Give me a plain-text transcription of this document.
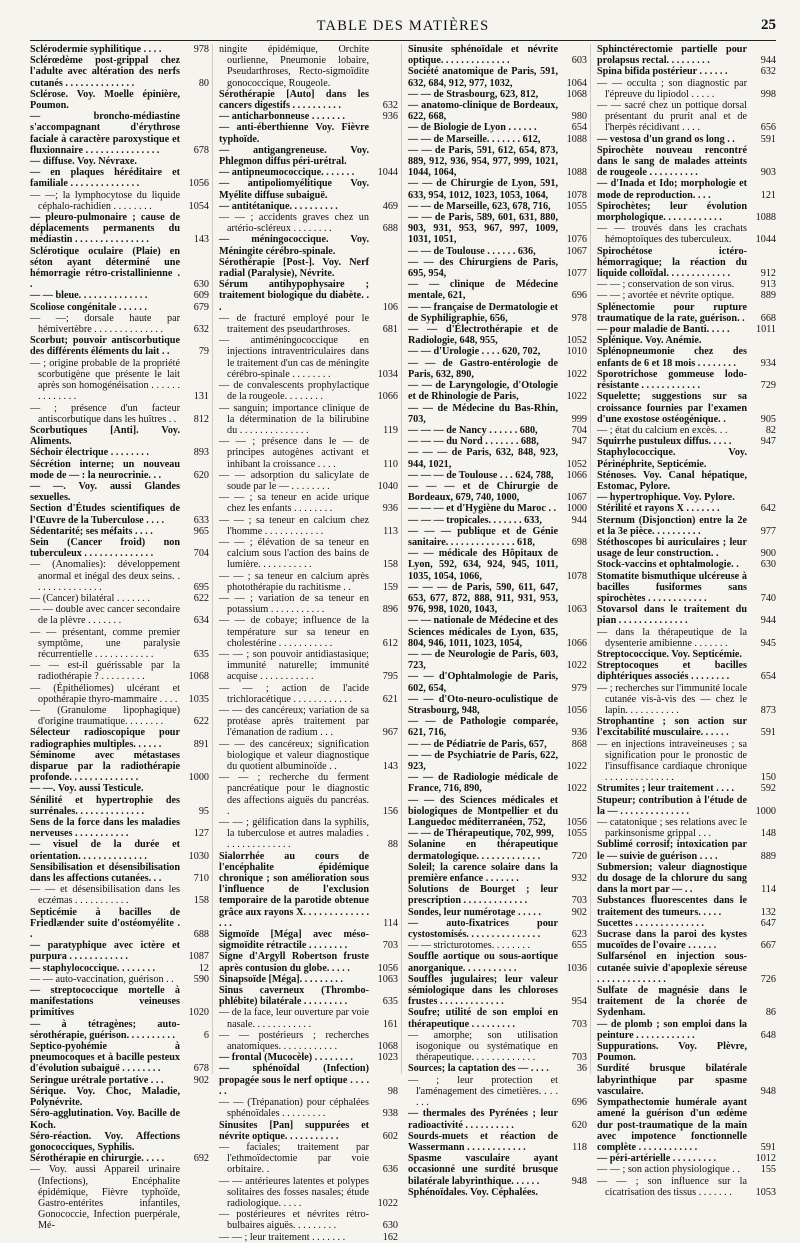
TABLE DES MATIÈRES	25
Sclérodermie syphilitique . . . .	978
Sclérœdème post-grippal chez l'adulte avec altération des nerfs cutanés . . . . . . . . . . . . . .	80
Sclérose. Voy. Moelle épinière, Poumon.
— broncho-médiastine s'accompagnant d'érythrose faciale à caractère paroxystique et fluxionnaire . . . . . . . . . . . . . . .	678
— diffuse. Voy. Névraxe.
— en plaques héréditaire et familiale . . . . . . . . . . . . . .	1056
— —; la lymphocytose du liquide céphalo-rachidien . . . . . . . .	1054
— pleuro-pulmonaire ; cause de déplacements permanents du médiastin . . . . . . . . . . . . . . .	143
Sclérotique oculaire (Plaie) en séton ayant déterminé une hémorragie rétro-cristallinienne . .	630
— — bleue. . . . . . . . . . . . . .	609
Scoliose congénitale . . . . . .	679
— —; dorsale haute par hémivertèbre . . . . . . . . . . . . . .	632
Scorbut; pouvoir antiscorbutique des différents éléments du lait . .	79
— ; origine probable de la propriété scorbutigène que présente le lait après son homogénéisation . . . . . . . . . . . . . .	131
— ; présence d'un facteur antiscorbutique dans les huîtres . .	812
Scorbutiques [Anti]. Voy. Aliments.
Séchoir électrique . . . . . . . .	893
Sécrétion interne; un nouveau mode de — : la neurocrinie. . .	620
— —. Voy. aussi Glandes sexuelles.
Section d'Études scientifiques de l'Œuvre de la Tuberculose . . . .	633
Sédentarité; ses méfaits . . . .	965
Sein (Cancer froid) non tuberculeux . . . . . . . . . . . . . .	704
— (Anomalies): développement anormal et inégal des deux seins. . . . . . . . . . . . . . .	695
— (Cancer) bilatéral . . . . . . .	622
— — double avec cancer secondaire de la plèvre . . . . . . .	634
— — présentant, comme premier symptôme, une paralysie récurrentielle . . . . . . . . . . . .	635
— — est-il guérissable par la radiothérapie ? . . . . . . . . .	1068
— (Épithéliomes) ulcérant et opothérapie thyro-mammaire . . . .	1035
— (Granulome lipophagique) d'origine traumatique. . . . . . . .	622
Sélecteur radioscopique pour radiographies multiples. . . . . .	891
Séminome avec métastases disparue par la radiothérapie profonde. . . . . . . . . . . . . .	1000
— —. Voy. aussi Testicule.
Sénilité et hypertrophie des surrénales. . . . . . . . . . . . . .	95
Sens de la force dans les maladies nerveuses . . . . . . . . . . .	127
— visuel de la durée et orientation. . . . . . . . . . . . . .	1030
Sensibilisation et désensibilisation dans les affections cutanées. . .	710
— — et désensibilisation dans les eczémas . . . . . . . . . . .	158
Septicémie à bacilles de Friedlænder suite d'ostéomyélite . .	688
— paratyphique avec ictère et purpura . . . . . . . . . . . .	1087
— staphylococcique. . . . . . . .	12
— — auto-vaccination, guérison . .	590
— streptococcique mortelle à manifestations veineuses primitives	1020
— à tétragènes; auto-sérothérapie, guérison. . . . . . . . . .	6
Septico-pyohémie à pneumocoques et à bacille pesteux d'évolution subaiguë . . . . . . . .	678
Seringue urétrale portative . . .	902
Sérique. Voy. Choc, Maladie, Polynévrite.
Séro-agglutination. Voy. Bacille de Koch.
Séro-réaction. Voy. Affections gonococciques, Syphilis.
Sérothérapie en chirurgie. . . . .	692
— Voy. aussi Appareil urinaire (Infections), Encéphalite épidémique, Fièvre typhoïde, Gastro-entérites infantiles, Gonococcie, Infection puerpérale, Mé-
ningite épidémique, Orchite ourlienne, Pneumonie lobaire, Pseudarthroses, Recto-sigmoïdite gonococcique, Rougeole.
Sérothérapie [Auto] dans les cancers digestifs . . . . . . . . . .	632
— anticharbonneuse . . . . . . .	936
— anti-éberthienne Voy. Fièvre typhoïde.
— antigangreneuse. Voy. Phlegmon diffus péri-urétral.
— antipneumococcique. . . . . . .	1044
— antipoliomyélitique Voy. Myélite diffuse subaiguë.
— antitétanique. . . . . . . . . .	469
— — ; accidents graves chez un artério-scléreux . . . . . . . .	688
— méningococcique. Voy. Méningite cérébro-spinale.
Sérothérapie [Post-]. Voy. Nerf radial (Paralysie), Névrite.
Sérum antihypophysaire ; traitement biologique du diabète. . .	106
— de fracturé employé pour le traitement des pseudarthroses.	681
— antiméningococcique en injections intraventriculaires dans le traitement d'un cas de méningite cérébro-spinale . . . . . . . .	1034
— de convalescents prophylactique de la rougeole. . . . . . . .	1066
— sanguin; importance clinique de la détermination de la bilirubine du . . . . . . . . . . . . . .	119
— — ; présence dans le — de principes autogènes activant et inhibant la croissance . . . .	110
— — adsorption du salicylate de soude par le — . . . . . . . .	1040
— — ; sa teneur en acide urique chez les enfants . . . . . . . .	936
— — ; sa teneur en calcium chez l'homme . . . . . . . . . . . .	113
— — ; élévation de sa teneur en calcium sous l'action des bains de lumière. . . . . . . . . . .	158
— — ; sa teneur en calcium après photothérapie du rachitisme . .	159
— — ; variation de sa teneur en potassium . . . . . . . . . . .	896
— — de cobaye; influence de la température sur sa teneur en cholestérine . . . . . . . . . . .	612
— — ; son pouvoir antidiastasique; immunité naturelle; immunité acquise . . . . . . . . . . .	795
— — ; action de l'acide trichloracétique . . . . . . . . . . . .	621
— — des cancéreux; variation de sa protéase après traitement par l'émanation de radium . . .	967
— — des cancéreux; signification biologique et valeur diagnostique du quotient albuminoïde . .	143
— — ; recherche du ferment pancréatique pour le diagnostic des affections aiguës du pancréas. .	156
— — ; gélification dans la syphilis, la tuberculose et autres maladies . . . . . . . . . . . . . .	88
Sialorrhée au cours de l'encéphalite épidémique chronique ; son amélioration sous l'influence de l'exclusion temporaire de la parotide obtenue grâce aux rayons X. . . . . . . . . . . . . . . .	114
Sigmoïde [Méga] avec méso-sigmoïdite rétractile . . . . . . . .	703
Signe d'Argyll Robertson fruste après contusion du globe. . . . .	1056
Sinapsoïde [Méga]. . . . . . . . .	1063
Sinus caverneux (Thrombo-phlébite) bilatérale . . . . . . . . .	635
— de la face, leur ouverture par voie nasale. . . . . . . . . . . .	161
— — postérieurs ; recherches anatomiques. . . . . . . . . . . .	1068
— frontal (Mucocèle) . . . . . . . .	1023
— sphénoïdal (Infection) propagée sous le nerf optique . . . . . .	98
— — (Trépanation) pour céphalées sphénoïdales . . . . . . . . .	938
Sinusites [Pan] suppurées et névrite optique. . . . . . . . . . .	602
— faciales; traitement par l'ethmoïdectomie par voie orbitaire. .	636
— — antérieures latentes et polypes solitaires des fosses nasales; étude radiologique. . . . .	1022
— postérieures et névrites rétro-bulbaires aiguës. . . . . . . . .	630
— — ; leur traitement . . . . . . .	162
Sinusite sphénoïdale et névrite optique. . . . . . . . . . . . . .	603
Société anatomique de Paris, 591, 632, 684, 912, 977, 1032,	1064
— — de Strasbourg, 623, 812,	1068
— anatomo-clinique de Bordeaux, 622, 668,	980
— de Biologie de Lyon . . . . . .	654
— — de Marseille. . . . . . . 612,	1088
— — de Paris, 591, 612, 654, 873, 889, 912, 936, 954, 977, 999, 1021, 1044, 1064,	1088
— — de Chirurgie de Lyon, 591, 633, 954, 1012, 1023, 1053, 1064,	1078
— — de Marseille, 623, 678, 716,	1055
— — de Paris, 589, 601, 631, 880, 903, 931, 953, 967, 997, 1009, 1031, 1051,	1076
— — de Toulouse . . . . . . 636,	1067
— — des Chirurgiens de Paris, 695, 954,	1077
— — clinique de Médecine mentale, 621,	696
— — française de Dermatologie et de Syphiligraphie, 656,	978
— — d'Électrothérapie et de Radiologie, 648, 955,	1052
— — d'Urologie . . . . 620, 702,	1010
— — de Gastro-entérologie de Paris, 632, 890,	1022
— — de Laryngologie, d'Otologie et de Rhinologie de Paris,	1022
— — de Médecine du Bas-Rhin, 703,	999
— — — de Nancy . . . . . . 680,	704
— — — du Nord . . . . . . . 688,	947
— — — de Paris, 632, 848, 923, 944, 1021,	1052
— — — de Toulouse . . . 624, 788,	1066
— — — et de Chirurgie de Bordeaux, 679, 740, 1000,	1067
— — — et d'Hygiène du Maroc . .	1000
— — — tropicales. . . . . . . 633,	944
— — — publique et de Génie sanitaire. . . . . . . . . . . . . . 618,	698
— — médicale des Hôpitaux de Lyon, 592, 634, 924, 945, 1011, 1035, 1054, 1066,	1078
— — — de Paris, 590, 611, 647, 653, 677, 872, 888, 911, 931, 953, 976, 998, 1020, 1043,	1063
— — nationale de Médecine et des Sciences médicales de Lyon, 635, 804, 946, 1011, 1023, 1054,	1066
— — de Neurologie de Paris, 603, 723,	1022
— — d'Ophtalmologie de Paris, 602, 654,	979
— — d'Oto-neuro-oculistique de Strasbourg, 948,	1056
— — de Pathologie comparée, 621, 716,	936
— — de Pédiatrie de Paris, 657,	868
— — de Psychiatrie de Paris, 622, 923,	1022
— — de Radiologie médicale de France, 716, 890,	1022
— — des Sciences médicales et biologiques de Montpellier et du Languedoc méditerranéen, 752,	1056
— — de Thérapeutique, 702, 999,	1055
Solanine en thérapeutique dermatologique. . . . . . . . . . . . .	720
Soleil; la carence solaire dans la première enfance . . . . . . .	932
Solutions de Bourget ; leur prescription . . . . . . . . . . . . .	703
Sondes, leur numérotage . . . . .	902
— auto-fixatrices pour cystostomisés. . . . . . . . . . . . . . .	623
— — stricturotomes. . . . . . . .	655
Souffle aortique ou sous-aortique anorganique. . . . . . . . . . .	1036
Souffles jugulaires; leur valeur sémiologique dans les chloroses frustes . . . . . . . . . . . . .	954
Soufre; utilité de son emploi en thérapeutique . . . . . . . . .	703
— amorphe; son utilisation isogonique ou systématique en thérapeutique. . . . . . . . . . . . .	703
Sources; la captation des — . . . .	36
— ; leur protection et l'aménagement des cimetières. . . . . . .	696
— thermales des Pyrénées ; leur radioactivité . . . . . . . . . .	620
Sourds-muets et réaction de Wassermann . . . . . . . . . . . .	118
Spasme vasculaire ayant occasionné une surdité brusque bilatérale labyrinthique. . . . . .	948
Sphénoïdales. Voy. Céphalées.
Sphinctérectomie partielle pour prolapsus rectal. . . . . . . . .	944
Spina bifida postérieur . . . . . .	632
— — occulta ; son diagnostic par l'épreuve du lipiodol . . . . .	998
— — sacré chez un pottique dorsal présentant du prurit anal et de l'herpès récidivant . . . .	656
— vestosa d'un grand os long . .	591
Spirochète nouveau rencontré dans le sang de malades atteints de rougeole . . . . . . . . . .	903
— d'Inada et Ido; morphologie et mode de reproduction. . . .	121
Spirochètes; leur évolution morphologique. . . . . . . . . . . .	1088
— — trouvés dans les crachats hémoptoïques des tuberculeux.	1044
Spirochétose ictéro-hémorragique; la réaction du liquide colloïdal. . . . . . . . . . . . .	912
— — ; conservation de son virus.	913
— — ; avortée et névrite optique.	889
Splénectomie pour rupture traumatique de la rate, guérison. .	668
— pour maladie de Banti. . . . .	1011
Splénique. Voy. Anémie.
Splénopneumonie chez des enfants de 6 et 18 mois . . . . . . . .	934
Sporotrichose gommeuse lodo-résistante . . . . . . . . . . . .	729
Squelette; suggestions sur sa croissance fournies par l'examen d'une exostose ostéogénique. .	905
— ; état du calcium en excès. . .	82
Squirrhe pustuleux diffus. . . . .	947
Staphylococcique. Voy. Périnéphrite, Septicémie.
Sténoses. Voy. Canal hépatique, Estomac, Pylore.
— hypertrophique. Voy. Pylore.
Stérilité et rayons X . . . . . . .	642
Sternum (Disjonction) entre la 2e et la 3e pièce. . . . . . . . . .	977
Stéthoscopes bi auriculaires ; leur usage de leur construction. .	900
Stock-vaccins et ophtalmologie. .	630
Stomatite bismuthique ulcéreuse à bacilles fusiformes sans spirochètes . . . . . . . . . . . .	740
Stovarsol dans le traitement du pian . . . . . . . . . . . . . .	944
— dans la thérapeutique de la dysenterie amibienne . . . . . . .	945
Streptococcique. Voy. Septicémie.
Streptocoques et bacilles diphtériques associés . . . . . . . .	654
— ; recherches sur l'immunité locale cutanée vis-à-vis des — chez le lapin. . . . . . . . . . .	873
Strophantine ; son action sur l'excitabilité musculaire. . . . . .	591
— en injections intraveineuses ; sa signification pour le pronostic de l'insuffisance cardiaque chronique . . . . . . . . . . . . . .	150
Strumites ; leur traitement . . . .	592
Stupeur; contribution à l'étude de la — . . . . . . . . . . . . . .	1000
— catatonique ; ses relations avec le parkinsonisme grippal . . .	148
Sublimé corrosif; intoxication par le — suivie de guérison . . . .	889
Submersion; valeur diagnostique du dosage de la chlorure du sang dans la mort par — . .	114
Substances fluorescentes dans le traitement des tumeurs. . . . .	132
Sucettes . . . . . . . . . . . . . .	647
Sucrase dans la paroi des kystes mucoïdes de l'ovaire . . . . . .	667
Sulfarsénol en injection sous-cutanée suivie d'apoplexie séreuse . . . . . . . . . . . . . .	726
Sulfate de magnésie dans le traitement de la chorée de Sydenham.	86
— de plomb ; son emploi dans la peinture . . . . . . . . . . . .	648
Suppurations. Voy. Plèvre, Poumon.
Surdité brusque bilatérale labyrinthique par spasme vasculaire.	948
Sympathectomie humérale ayant amené la guérison d'un œdème dur post-traumatique de la main avec impotence fonctionnelle complète . . . . . . . . . . . .	591
— péri-artérielle . . . . . . . . .	1012
— — ; son action physiologique . .	155
— — ; son influence sur la cicatrisation des tissus . . . . . . .	1053
